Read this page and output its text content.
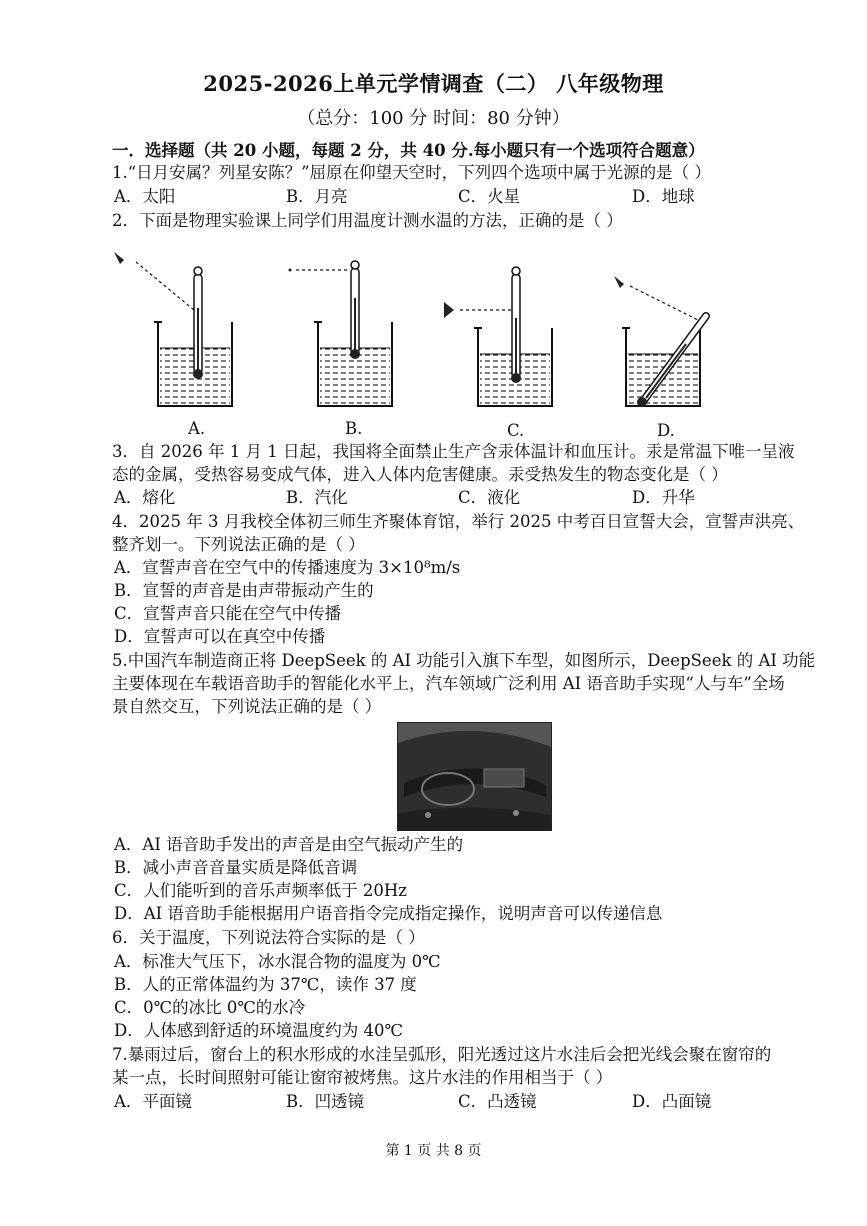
2025-2026上单元学情调查（二） 八年级物理
（总分：100 分 时间：80 分钟）
一．选择题（共 20 小题，每题 2 分，共 40 分.每小题只有一个选项符合题意）
1.“日月安属？列星安陈？”屈原在仰望天空时，下列四个选项中属于光源的是（ ）
A．太阳	B．月亮	C．火星	D．地球
2．下面是物理实验课上同学们用温度计测水温的方法，正确的是（ ）
A.	B.	C.	D.
3．自 2026 年 1 月 1 日起，我国将全面禁止生产含汞体温计和血压计。汞是常温下唯一呈液
态的金属，受热容易变成气体，进入人体内危害健康。汞受热发生的物态变化是（ ）
A．熔化	B．汽化	C．液化	D．升华
4．2025 年 3 月我校全体初三师生齐聚体育馆，举行 2025 中考百日宣誓大会，宣誓声洪亮、
整齐划一。下列说法正确的是（ ）
A．宣誓声音在空气中的传播速度为 3×10⁸m/s
B．宣誓的声音是由声带振动产生的
C．宣誓声音只能在空气中传播
D．宣誓声可以在真空中传播
5.中国汽车制造商正将 DeepSeek 的 AI 功能引入旗下车型，如图所示，DeepSeek 的 AI 功能
主要体现在车载语音助手的智能化水平上，汽车领域广泛利用 AI 语音助手实现“人与车”全场
景自然交互，下列说法正确的是（ ）
A．AI 语音助手发出的声音是由空气振动产生的
B．减小声音音量实质是降低音调
C．人们能听到的音乐声频率低于 20Hz
D．AI 语音助手能根据用户语音指令完成指定操作，说明声音可以传递信息
6．关于温度，下列说法符合实际的是（ ）
A．标准大气压下，冰水混合物的温度为 0℃
B．人的正常体温约为 37℃，读作 37 度
C．0℃的冰比 0℃的水冷
D．人体感到舒适的环境温度约为 40℃
7.暴雨过后，窗台上的积水形成的水洼呈弧形，阳光透过这片水洼后会把光线会聚在窗帘的
某一点，长时间照射可能让窗帘被烤焦。这片水洼的作用相当于（ ）
A．平面镜	B．凹透镜	C．凸透镜	D．凸面镜
第 1 页 共 8 页
